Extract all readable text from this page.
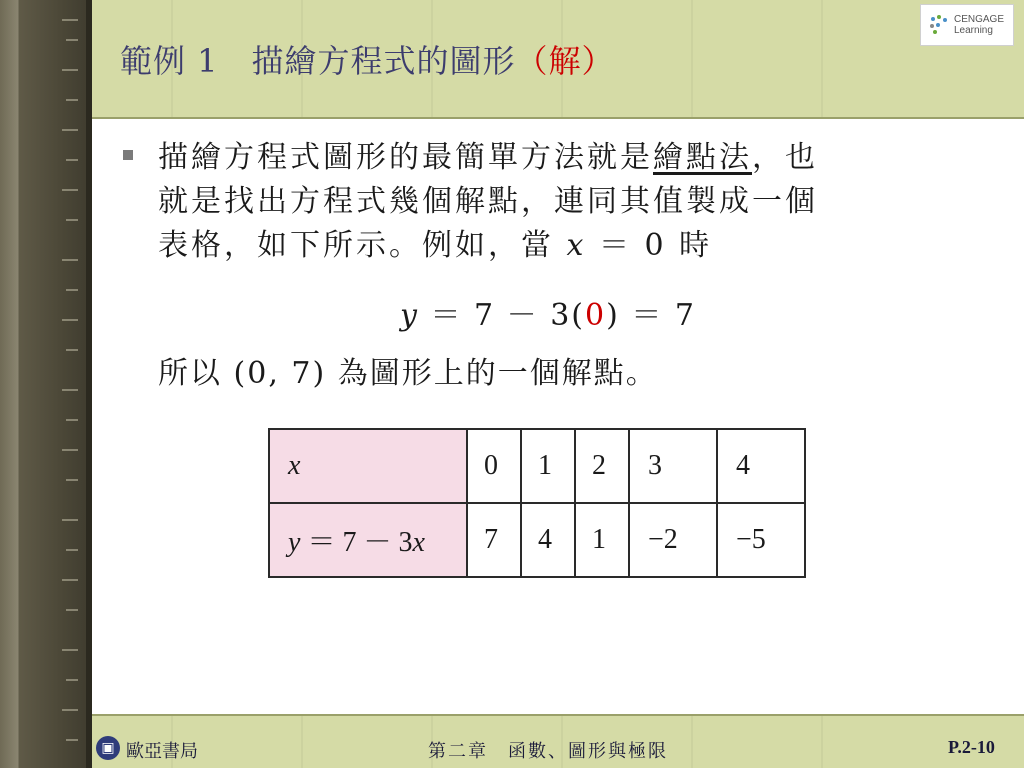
範例 1　描繪方程式的圖形（解）
CENGAGE
Learning
描繪方程式圖形的最簡單方法就是繪點法，也
就是找出方程式幾個解點，連同其值製成一個
表格，如下所示。例如，當 x ＝ 0 時
y ＝ 7 － 3(0) ＝ 7
所以 (0, 7) 為圖形上的一個解點。
x	0	1	2	3	4
y ＝ 7 － 3x	7	4	1	−2	−5
▣ 歐亞書局	第二章　函數、圖形與極限	P.2-10
